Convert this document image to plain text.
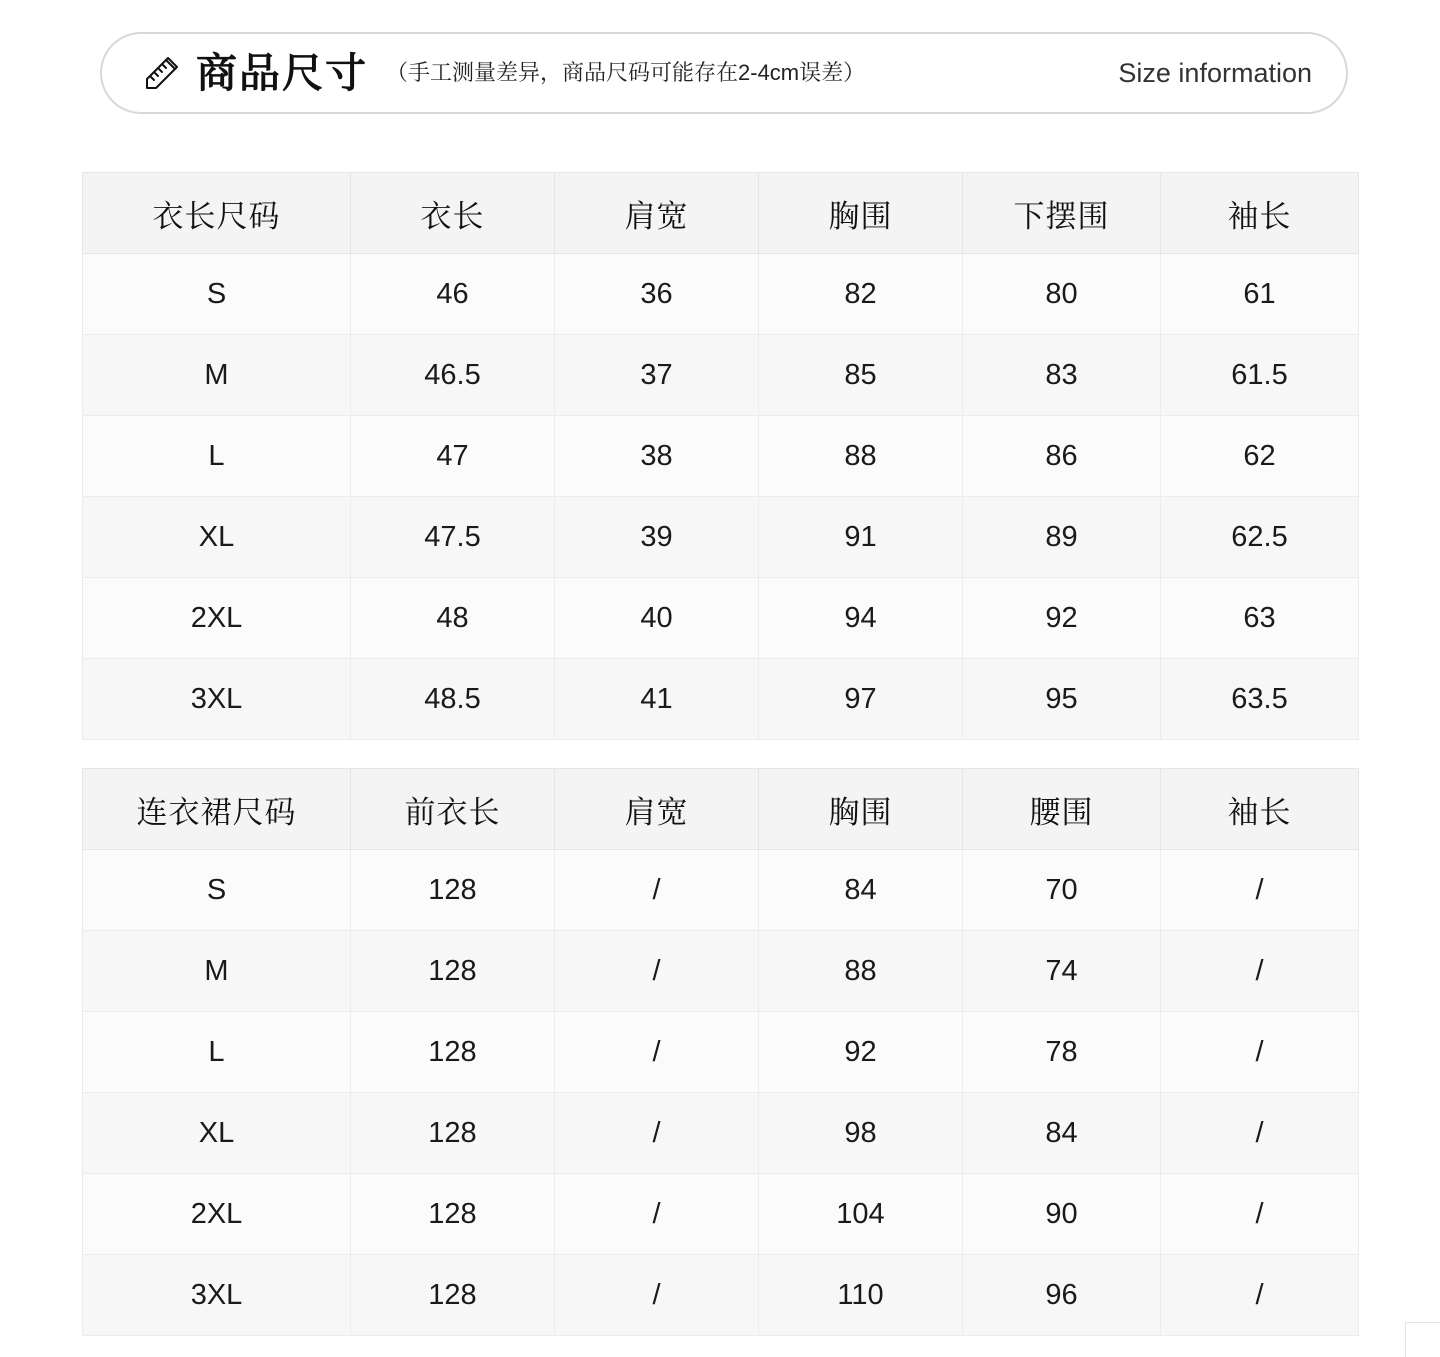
商品尺寸 （手工测量差异，商品尺码可能存在2-4cm误差）	Size information
衣长尺码	衣长	肩宽	胸围	下摆围	袖长
S	46	36	82	80	61
M	46.5	37	85	83	61.5
L	47	38	88	86	62
XL	47.5	39	91	89	62.5
2XL	48	40	94	92	63
3XL	48.5	41	97	95	63.5
连衣裙尺码	前衣长	肩宽	胸围	腰围	袖长
S	128	/	84	70	/
M	128	/	88	74	/
L	128	/	92	78	/
XL	128	/	98	84	/
2XL	128	/	104	90	/
3XL	128	/	110	96	/
